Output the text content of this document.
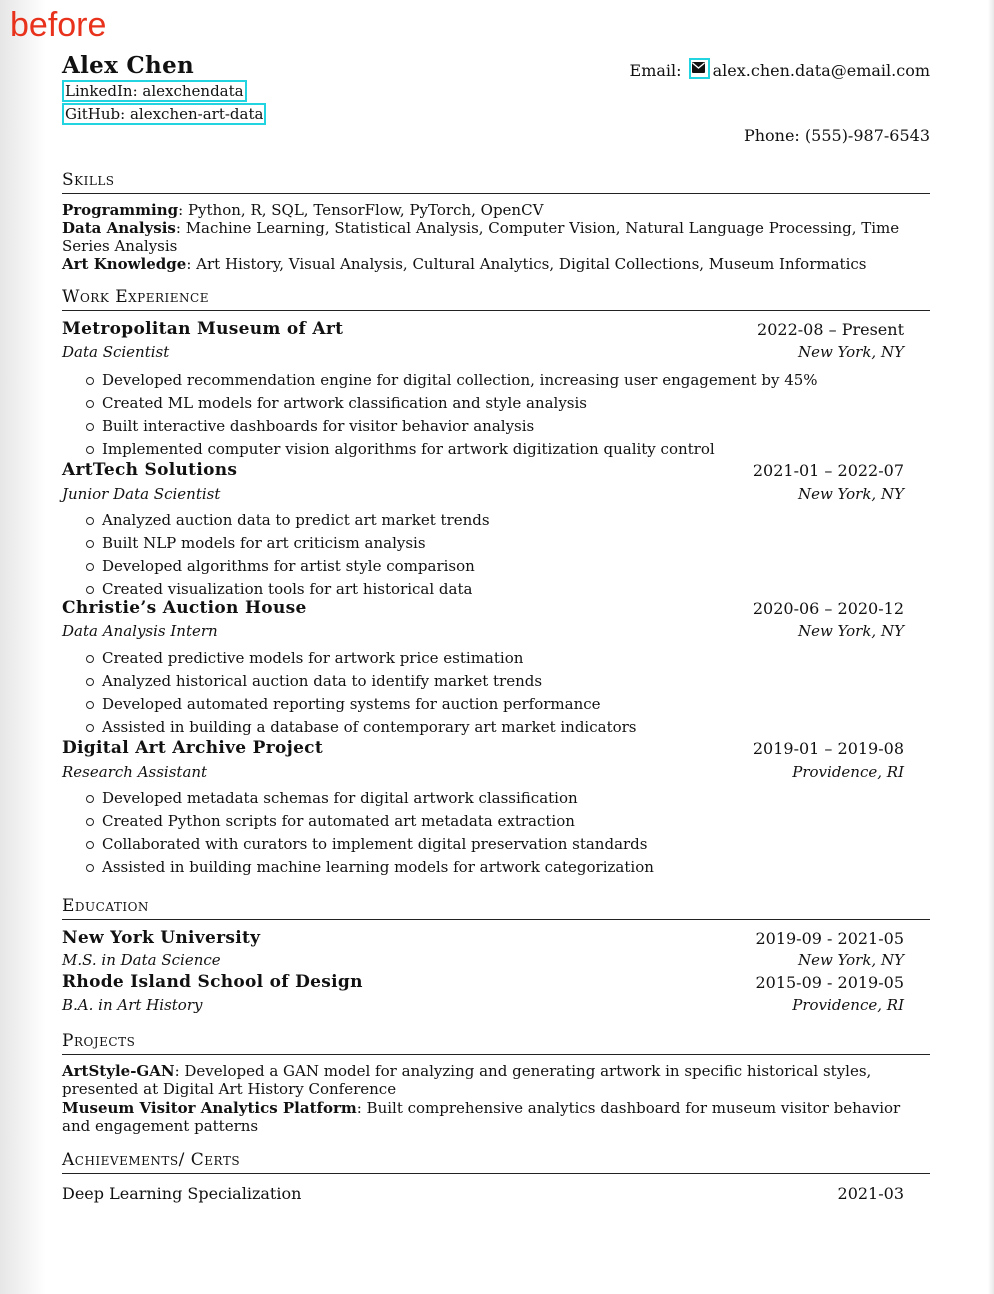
before
Alex Chen
LinkedIn: alexchendata
GitHub: alexchen-art-data
Email: alex.chen.data@email.com
Phone: (555)-987-6543
Skills
Programming: Python, R, SQL, TensorFlow, PyTorch, OpenCV
Data Analysis: Machine Learning, Statistical Analysis, Computer Vision, Natural Language Processing, Time Series Analysis
Art Knowledge: Art History, Visual Analysis, Cultural Analytics, Digital Collections, Museum Informatics
Work Experience
Metropolitan Museum of Art	2022-08 – Present
Data Scientist	New York, NY
Developed recommendation engine for digital collection, increasing user engagement by 45%
Created ML models for artwork classification and style analysis
Built interactive dashboards for visitor behavior analysis
Implemented computer vision algorithms for artwork digitization quality control
ArtTech Solutions	2021-01 – 2022-07
Junior Data Scientist	New York, NY
Analyzed auction data to predict art market trends
Built NLP models for art criticism analysis
Developed algorithms for artist style comparison
Created visualization tools for art historical data
Christie’s Auction House	2020-06 – 2020-12
Data Analysis Intern	New York, NY
Created predictive models for artwork price estimation
Analyzed historical auction data to identify market trends
Developed automated reporting systems for auction performance
Assisted in building a database of contemporary art market indicators
Digital Art Archive Project	2019-01 – 2019-08
Research Assistant	Providence, RI
Developed metadata schemas for digital artwork classification
Created Python scripts for automated art metadata extraction
Collaborated with curators to implement digital preservation standards
Assisted in building machine learning models for artwork categorization
Education
New York University	2019-09 - 2021-05
M.S. in Data Science	New York, NY
Rhode Island School of Design	2015-09 - 2019-05
B.A. in Art History	Providence, RI
Projects
ArtStyle-GAN: Developed a GAN model for analyzing and generating artwork in specific historical styles, presented at Digital Art History Conference
Museum Visitor Analytics Platform: Built comprehensive analytics dashboard for museum visitor behavior and engagement patterns
Achievements/ Certs
Deep Learning Specialization	2021-03
